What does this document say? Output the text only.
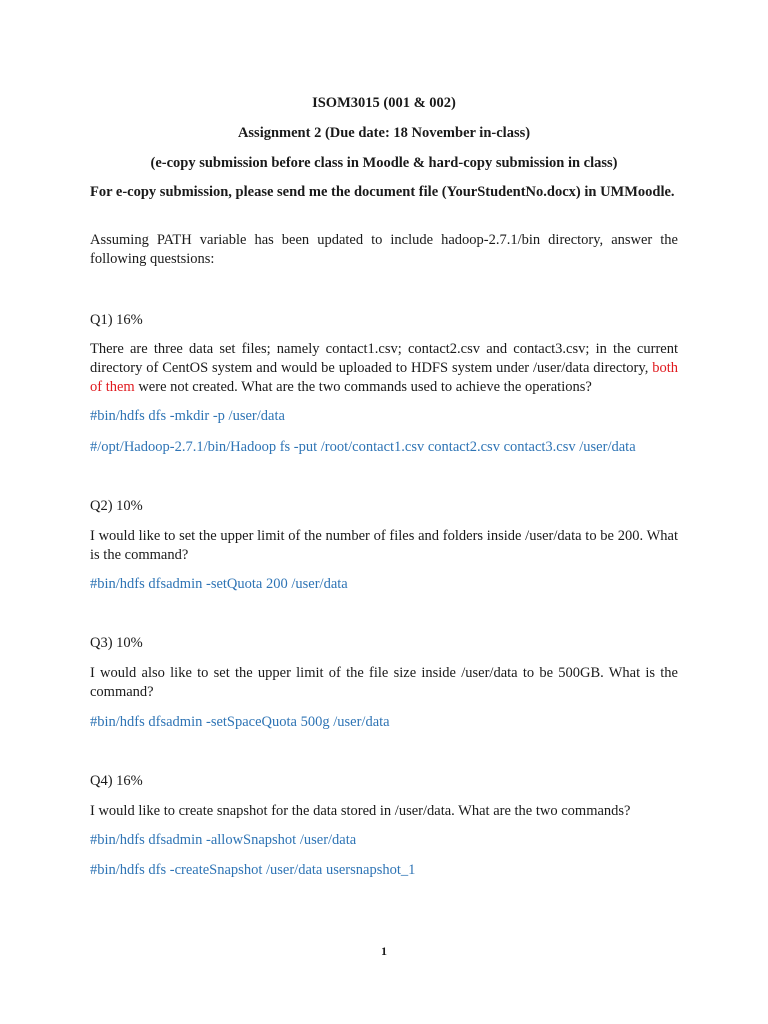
ISOM3015 (001 & 002)

Assignment 2 (Due date: 18 November in-class)

(e-copy submission before class in Moodle & hard-copy submission in class)

For e-copy submission, please send me the document file (YourStudentNo.docx) in UMMoodle.

Assuming PATH variable has been updated to include hadoop-2.7.1/bin directory, answer the following questsions:

Q1) 16%

There are three data set files; namely contact1.csv; contact2.csv and contact3.csv; in the current directory of CentOS system and would be uploaded to HDFS system under /user/data directory, both of them were not created. What are the two commands used to achieve the operations?

#bin/hdfs dfs -mkdir -p /user/data

#/opt/Hadoop-2.7.1/bin/Hadoop fs -put /root/contact1.csv contact2.csv contact3.csv /user/data

Q2) 10%

I would like to set the upper limit of the number of files and folders inside /user/data to be 200. What is the command?

#bin/hdfs dfsadmin -setQuota 200 /user/data

Q3) 10%

I would also like to set the upper limit of the file size inside /user/data to be 500GB. What is the command?

#bin/hdfs dfsadmin -setSpaceQuota 500g /user/data

Q4) 16%

I would like to create snapshot for the data stored in /user/data. What are the two commands?

#bin/hdfs dfsadmin -allowSnapshot /user/data

#bin/hdfs dfs -createSnapshot /user/data usersnapshot_1

1
